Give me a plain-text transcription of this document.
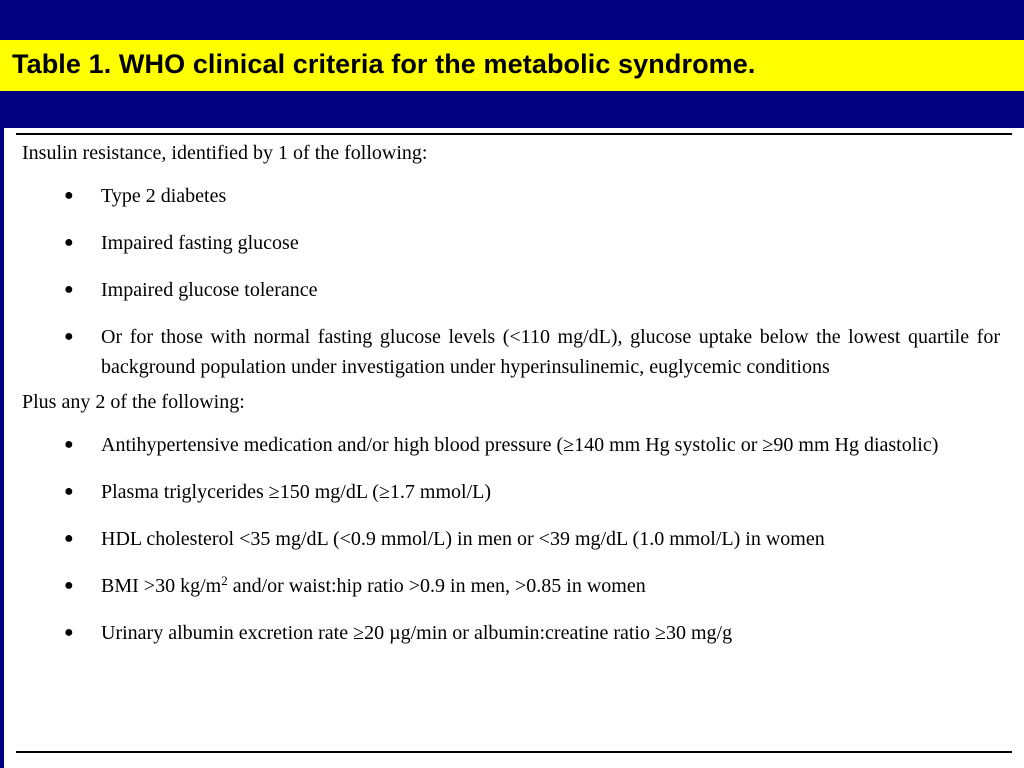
Table 1. WHO clinical criteria for the metabolic syndrome.

Insulin resistance, identified by 1 of the following:

● Type 2 diabetes
● Impaired fasting glucose
● Impaired glucose tolerance
● Or for those with normal fasting glucose levels (<110 mg/dL), glucose uptake below the lowest quartile for background population under investigation under hyperinsulinemic, euglycemic conditions

Plus any 2 of the following:

● Antihypertensive medication and/or high blood pressure (≥140 mm Hg systolic or ≥90 mm Hg diastolic)
● Plasma triglycerides ≥150 mg/dL (≥1.7 mmol/L)
● HDL cholesterol <35 mg/dL (<0.9 mmol/L) in men or <39 mg/dL (1.0 mmol/L) in women
● BMI >30 $kg/m^2$ and/or waist:hip ratio >0.9 in men, >0.85 in women
● Urinary albumin excretion rate ≥20 µg/min or albumin:creatine ratio ≥30 mg/g
